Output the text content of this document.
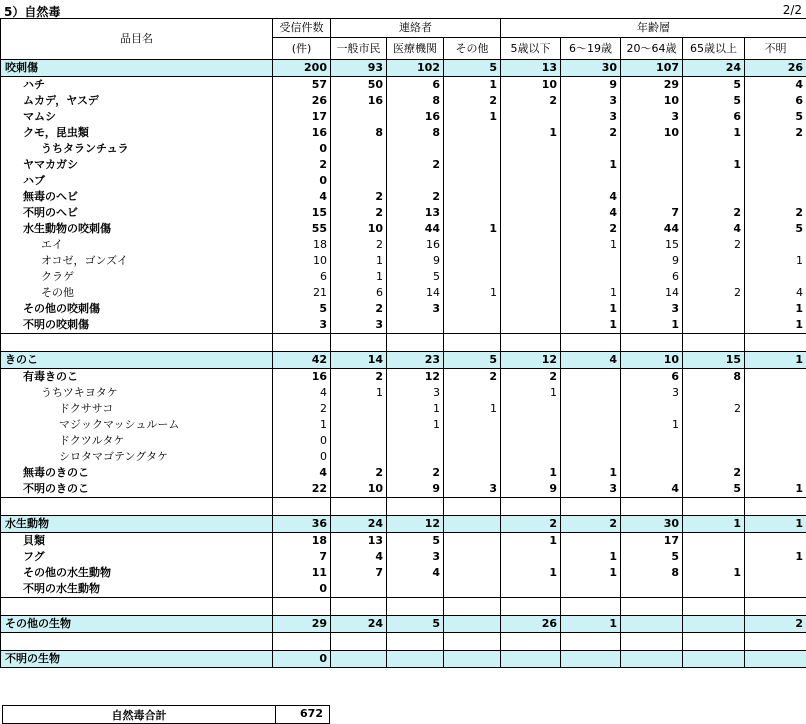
5）自然毒	2/2
品目名	受信件数	連絡者			年齢層				
	(件)	一般市民	医療機関	その他	5歳以下	6～19歳	20～64歳	65歳以上	不明
咬刺傷	200	93	102	5	13	30	107	24	26
ハチ	57	50	6	1	10	9	29	5	4
ムカデ，ヤスデ	26	16	8	2	2	3	10	5	6
マムシ	17		16	1		3	3	6	5
クモ，昆虫類	16	8	8		1	2	10	1	2
うちタランチュラ	0								
ヤマカガシ	2		2			1		1	
ハブ	0								
無毒のヘビ	4	2	2			4			
不明のヘビ	15	2	13			4	7	2	2
水生動物の咬刺傷	55	10	44	1		2	44	4	5
エイ	18	2	16			1	15	2	
オコゼ，ゴンズイ	10	1	9				9		1
クラゲ	6	1	5				6		
その他	21	6	14	1		1	14	2	4
その他の咬刺傷	5	2	3			1	3		1
不明の咬刺傷	3	3				1	1		1

きのこ	42	14	23	5	12	4	10	15	1
有毒きのこ	16	2	12	2	2		6	8	
うちツキヨタケ	4	1	3		1		3		
ドクササコ	2		1	1				2	
マジックマッシュルーム	1		1				1		
ドクツルタケ	0								
シロタマゴテングタケ	0								
無毒のきのこ	4	2	2		1	1		2	
不明のきのこ	22	10	9	3	9	3	4	5	1

水生動物	36	24	12		2	2	30	1	1
貝類	18	13	5		1		17		
フグ	7	4	3			1	5		1
その他の水生動物	11	7	4		1	1	8	1	
不明の水生動物	0								

その他の生物	29	24	5		26	1			2

不明の生物	0								
自然毒合計	672
